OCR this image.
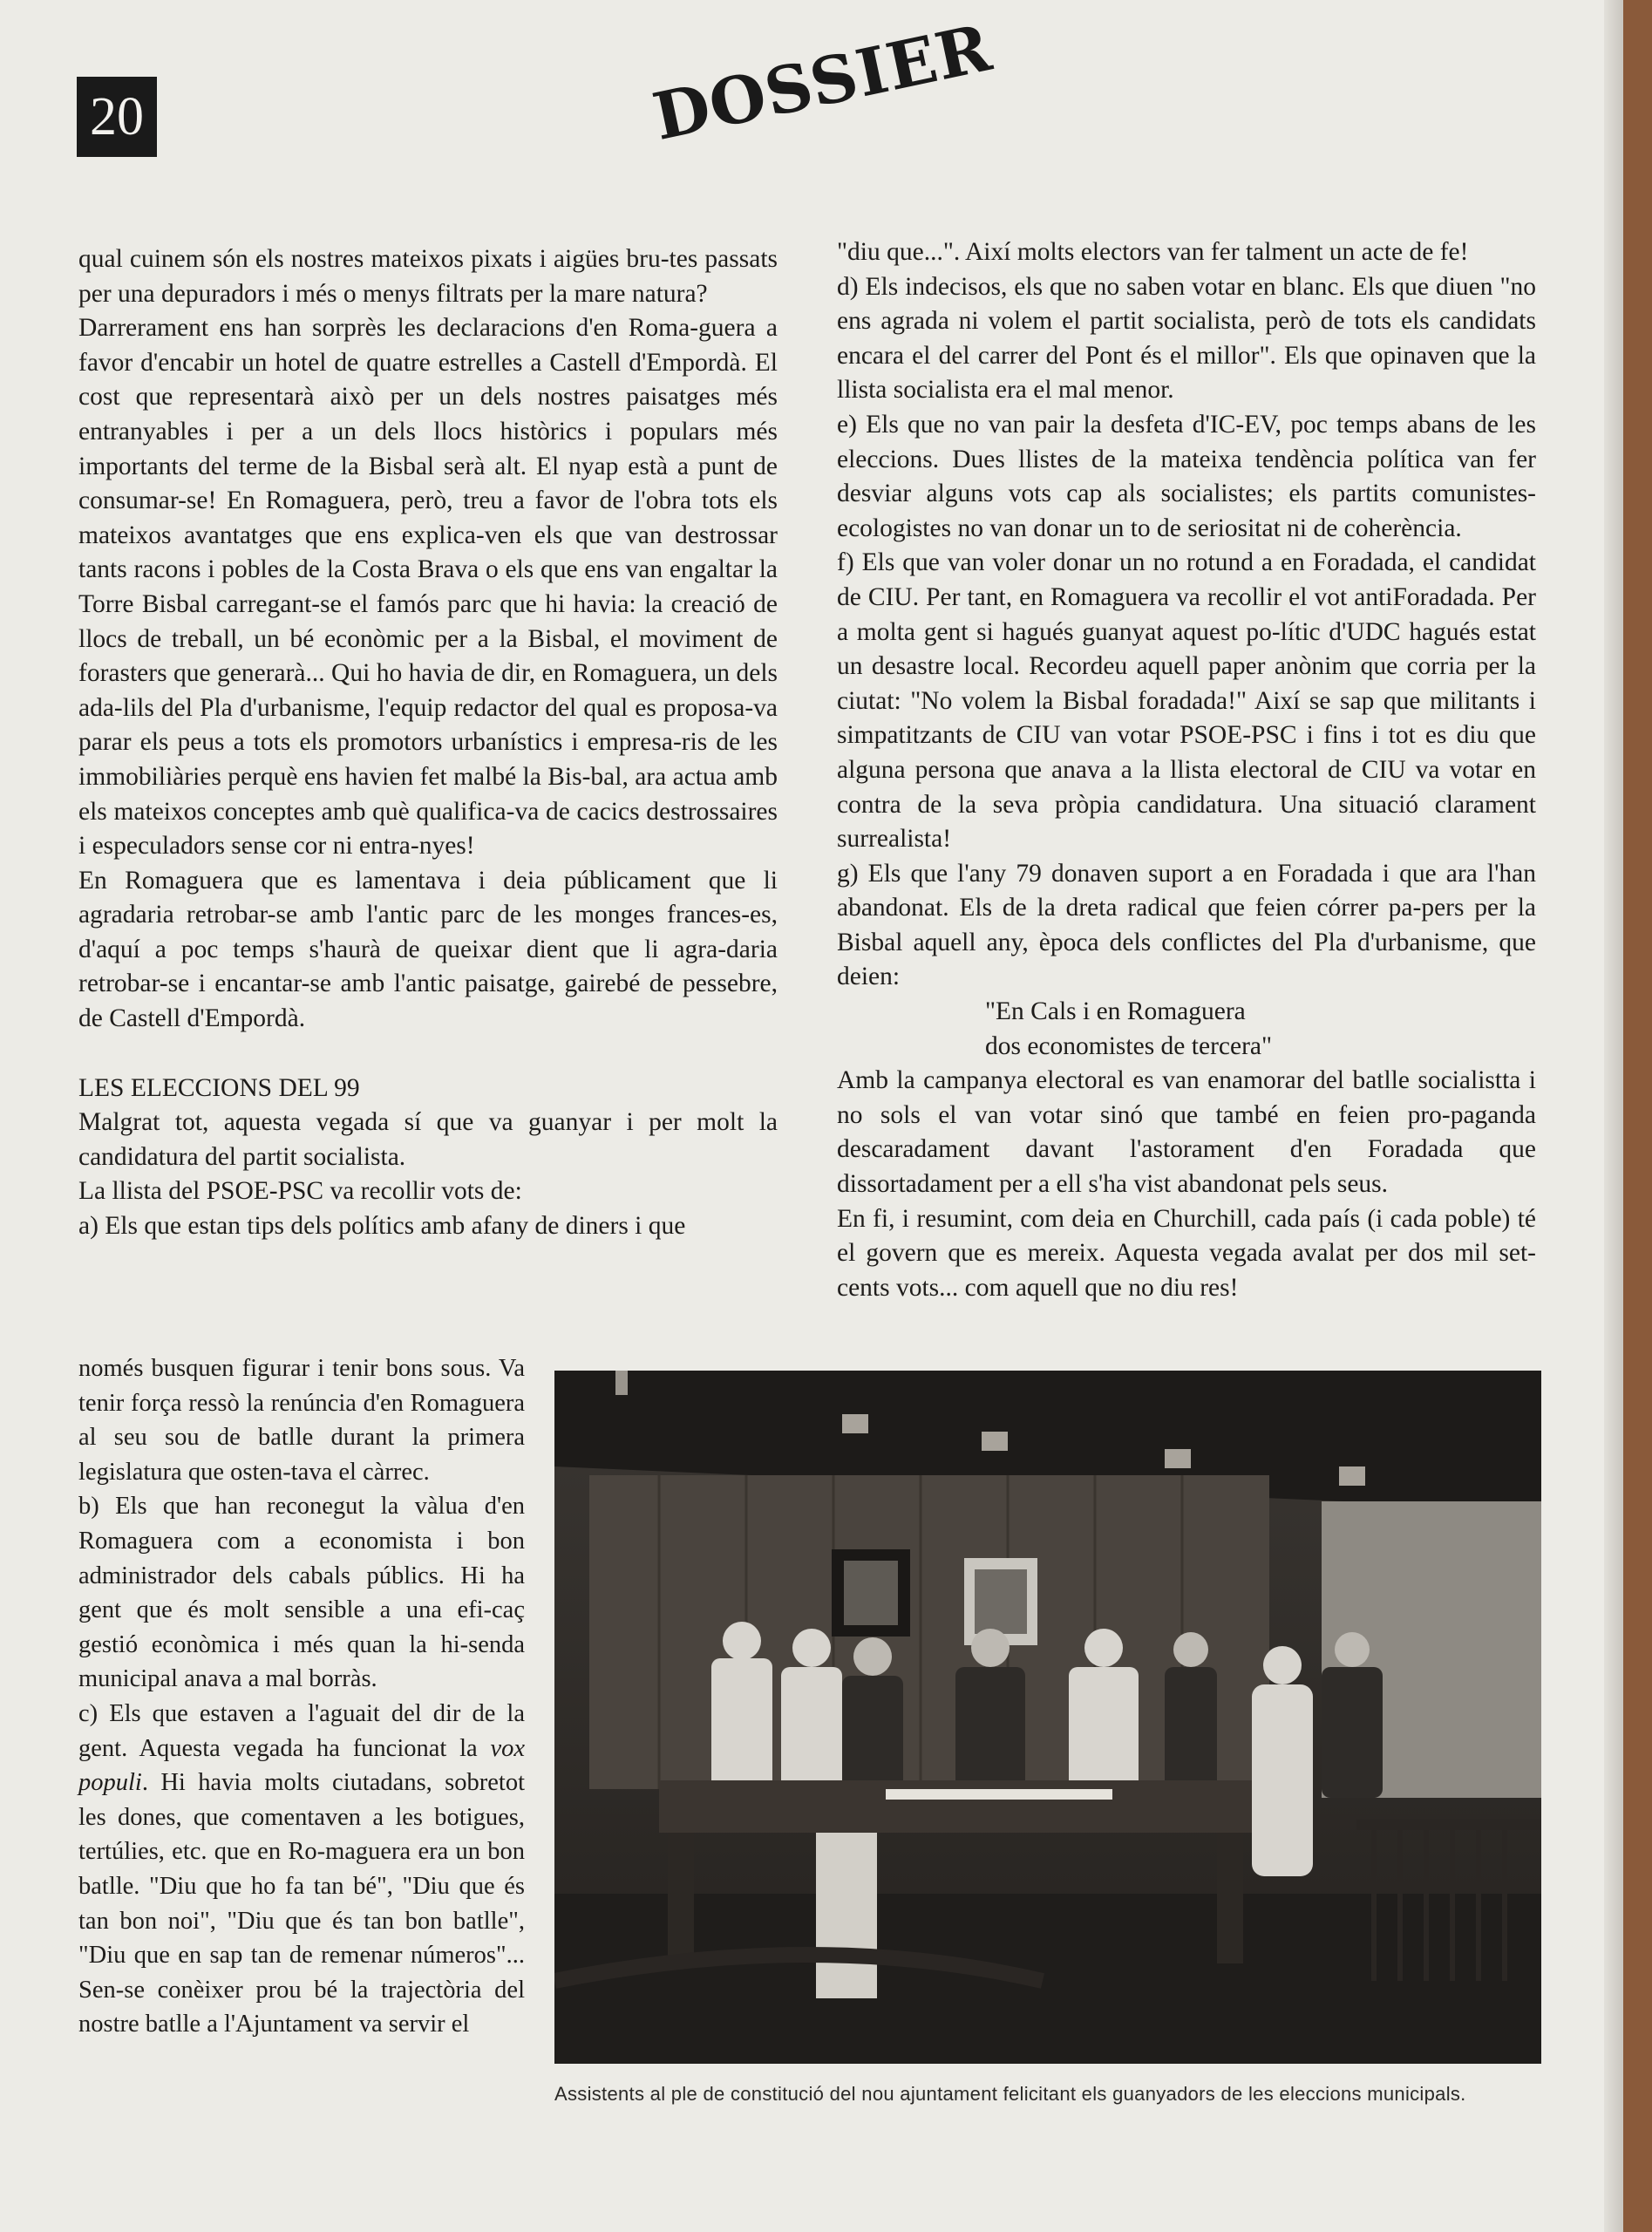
20	DOSSIER

qual cuinem són els nostres mateixos pixats i aigües bru-tes passats per una depuradors i més o menys filtrats per la mare natura?

Darrerament ens han sorprès les declaracions d'en Roma-guera a favor d'encabir un hotel de quatre estrelles a Castell d'Empordà. El cost que representarà això per un dels nostres paisatges més entranyables i per a un dels llocs històrics i populars més importants del terme de la Bisbal serà alt. El nyap està a punt de consumar-se! En Romaguera, però, treu a favor de l'obra tots els mateixos avantatges que ens explica-ven els que van destrossar tants racons i pobles de la Costa Brava o els que ens van engaltar la Torre Bisbal carregant-se el famós parc que hi havia: la creació de llocs de treball, un bé econòmic per a la Bisbal, el moviment de forasters que generarà... Qui ho havia de dir, en Romaguera, un dels ada-lils del Pla d'urbanisme, l'equip redactor del qual es proposa-va parar els peus a tots els promotors urbanístics i empresa-ris de les immobiliàries perquè ens havien fet malbé la Bis-bal, ara actua amb els mateixos conceptes amb què qualifica-va de cacics destrossaires i especuladors sense cor ni entra-nyes!

En Romaguera que es lamentava i deia públicament que li agradaria retrobar-se amb l'antic parc de les monges frances-es, d'aquí a poc temps s'haurà de queixar dient que li agra-daria retrobar-se i encantar-se amb l'antic paisatge, gairebé de pessebre, de Castell d'Empordà.

LES ELECCIONS DEL 99

Malgrat tot, aquesta vegada sí que va guanyar i per molt la candidatura del partit socialista.

La llista del PSOE-PSC va recollir vots de:

a) Els que estan tips dels polítics amb afany de diners i que

només busquen figurar i tenir bons sous. Va tenir força ressò la renúncia d'en Romaguera al seu sou de batlle durant la primera legislatura que osten-tava el càrrec.

b) Els que han reconegut la vàlua d'en Romaguera com a economista i bon administrador dels cabals públics. Hi ha gent que és molt sensible a una efi-caç gestió econòmica i més quan la hi-senda municipal anava a mal borràs.

c) Els que estaven a l'aguait del dir de la gent. Aquesta vegada ha funcionat la vox populi. Hi havia molts ciutadans, sobretot les dones, que comentaven a les botigues, tertúlies, etc. que en Ro-maguera era un bon batlle. "Diu que ho fa tan bé", "Diu que és tan bon noi", "Diu que és tan bon batlle", "Diu que en sap tan de remenar números"... Sen-se conèixer prou bé la trajectòria del nostre batlle a l'Ajuntament va servir el

"diu que...". Així molts electors van fer talment un acte de fe!

d) Els indecisos, els que no saben votar en blanc. Els que diuen "no ens agrada ni volem el partit socialista, però de tots els candidats encara el del carrer del Pont és el millor". Els que opinaven que la llista socialista era el mal menor.

e) Els que no van pair la desfeta d'IC-EV, poc temps abans de les eleccions. Dues llistes de la mateixa tendència política van fer desviar alguns vots cap als socialistes; els partits comunistes-ecologistes no van donar un to de seriositat ni de coherència.

f) Els que van voler donar un no rotund a en Foradada, el candidat de CIU. Per tant, en Romaguera va recollir el vot antiForadada. Per a molta gent si hagués guanyat aquest po-lític d'UDC hagués estat un desastre local. Recordeu aquell paper anònim que corria per la ciutat: "No volem la Bisbal foradada!" Així se sap que militants i simpatitzants de CIU van votar PSOE-PSC i fins i tot es diu que alguna persona que anava a la llista electoral de CIU va votar en contra de la seva pròpia candidatura. Una situació clarament surrealista!

g) Els que l'any 79 donaven suport a en Foradada i que ara l'han abandonat. Els de la dreta radical que feien córrer pa-pers per la Bisbal aquell any, època dels conflictes del Pla d'urbanisme, que deien:

"En Cals i en Romaguera

dos economistes de tercera"

Amb la campanya electoral es van enamorar del batlle socialistta i no sols el van votar sinó que també en feien pro-paganda descaradament davant l'astorament d'en Foradada que dissortadament per a ell s'ha vist abandonat pels seus.

En fi, i resumint, com deia en Churchill, cada país (i cada poble) té el govern que es mereix. Aquesta vegada avalat per dos mil set-cents vots... com aquell que no diu res!

Assistents al ple de constitució del nou ajuntament felicitant els guanyadors de les eleccions municipals.
